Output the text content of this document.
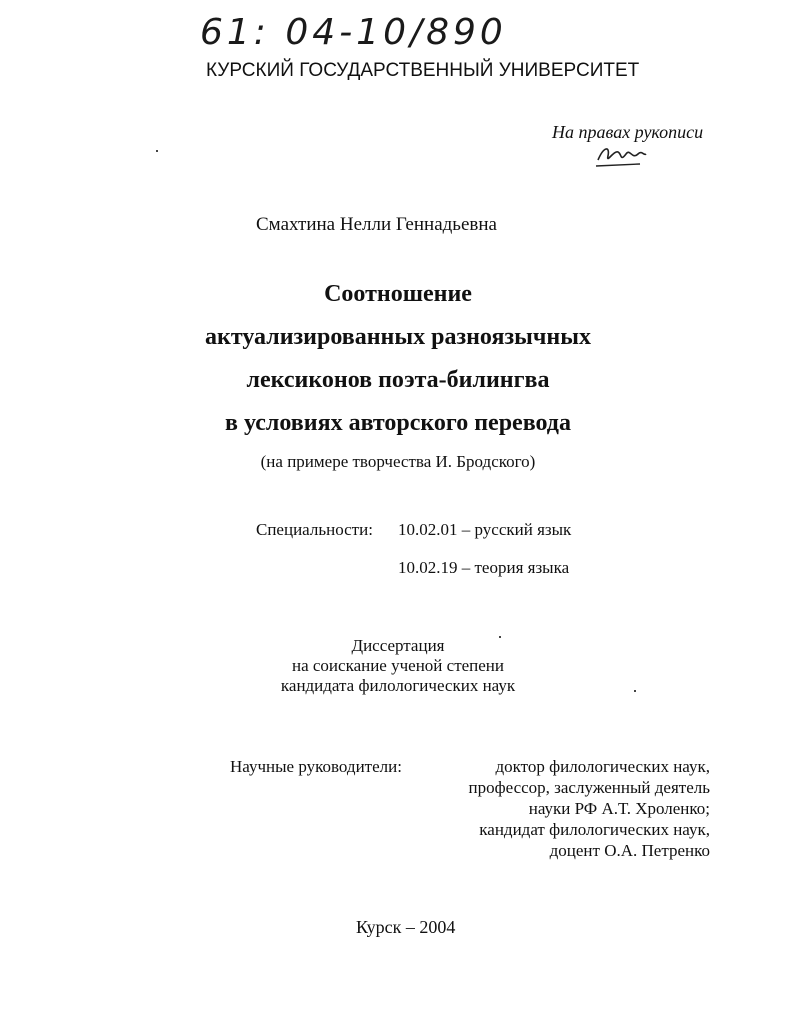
61: 04-10/890
КУРСКИЙ ГОСУДАРСТВЕННЫЙ УНИВЕРСИТЕТ
На правах рукописи
Смахтина Нелли Геннадьевна
Соотношение
актуализированных разноязычных
лексиконов поэта-билингва
в условиях авторского перевода
(на примере творчества И. Бродского)
Специальности: 10.02.01 – русский язык
10.02.19 – теория языка
Диссертация
на соискание ученой степени
кандидата филологических наук
Научные руководители:	доктор филологических наук,
профессор, заслуженный деятель
науки РФ А.Т. Хроленко;
кандидат филологических наук,
доцент О.А. Петренко
Курск – 2004
